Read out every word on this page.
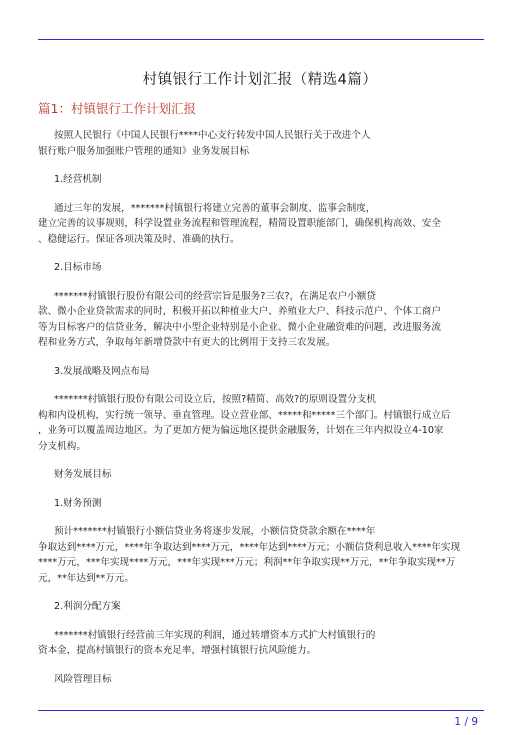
村镇银行工作计划汇报（精选4篇）
篇1：村镇银行工作计划汇报

按照人民银行《中国人民银行****中心支行转发中国人民银行关于改进个人

银行账户服务加强账户管理的通知》业务发展目标

1.经营机制

通过三年的发展，*******村镇银行将建立完善的董事会制度、监事会制度，

建立完善的议事规则，科学设置业务流程和管理流程，精简设置职能部门，确保机构高效、安全

、稳健运行。保证各项决策及时、准确的执行。

2.目标市场

*******村镇银行股份有限公司的经营宗旨是服务?三农?，在满足农户小额贷

款、微小企业贷款需求的同时，积极开拓以种植业大户、养殖业大户、科技示范户、个体工商户

等为目标客户的信贷业务，解决中小型企业特别是小企业、微小企业融资难的问题，改进服务流

程和业务方式，争取每年新增贷款中有更大的比例用于支持三农发展。

3.发展战略及网点布局

*******村镇银行股份有限公司设立后，按照?精简、高效?的原则设置分支机

构和内设机构，实行统一领导、垂直管理。设立营业部、*****和*****三个部门。村镇银行成立后

，业务可以覆盖周边地区。为了更加方便为偏远地区提供金融服务，计划在三年内拟设立4-10家

分支机构。

财务发展目标

1.财务预测

预计*******村镇银行小额信贷业务将逐步发展，小额信贷贷款余额在****年

争取达到****万元，****年争取达到****万元，****年达到****万元；小额信贷利息收入****年实现

****万元，***年实现****万元，***年实现***万元；利润**年争取实现**万元，**年争取实现**万

元，**年达到**万元。

2.利润分配方案

*******村镇银行经营前三年实现的利润，通过转增资本方式扩大村镇银行的

资本金，提高村镇银行的资本充足率，增强村镇银行抗风险能力。

风险管理目标

1 / 9
